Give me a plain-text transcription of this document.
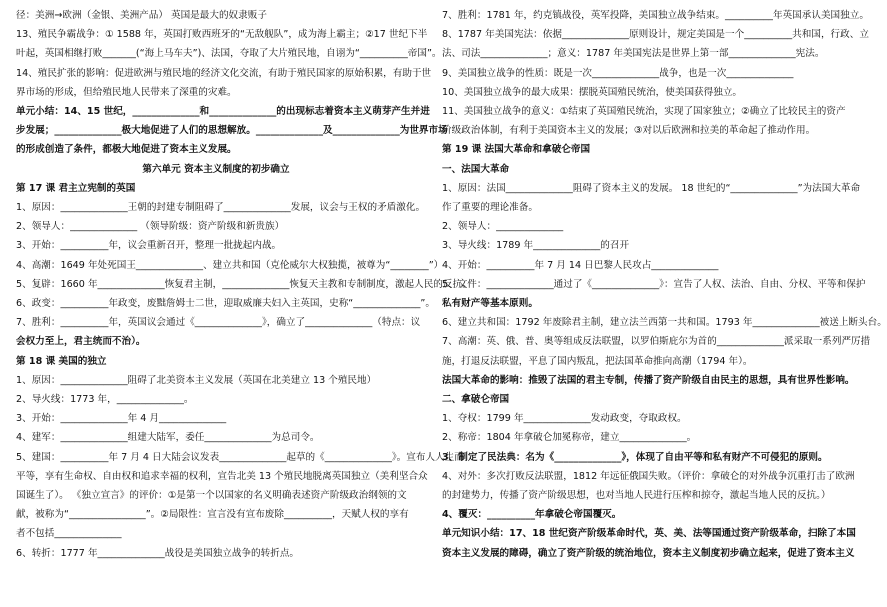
径：美洲→欧洲（金银、美洲产品） 英国是最大的奴隶贩子
13、殖民争霸战争：① 1588 年，英国打败西班牙的“无敌舰队”，成为海上霸主；②17 世纪下半
叶起，英国相继打败_______(“海上马车夫”)、法国，夺取了大片殖民地，自诩为“__________帝国”。
14、殖民扩张的影响：促进欧洲与殖民地的经济文化交流，有助于殖民国家的原始积累，有助于世
界市场的形成，但给殖民地人民带来了深重的灾难。
单元小结：14、15 世纪，______________和______________的出现标志着资本主义萌芽产生并进
步发展；______________极大地促进了人们的思想解放。______________及______________为世界市场
的形成创造了条件，都极大地促进了资本主义发展。
第六单元 资本主义制度的初步确立
第 17 课 君主立宪制的英国
1、原因：______________王朝的封建专制阻碍了______________发展，议会与王权的矛盾激化。
2、领导人：______________ （领导阶级：资产阶级和新贵族）
3、开始：__________年，议会重新召开，整理一批拢起内战。
4、高潮：1649 年处死国王______________、建立共和国（克伦威尔大权独揽，被尊为“________”）
5、复辟：1660 年______________恢复君主制，______________恢复天主教和专制制度，激起人民的反抗。
6、政变：__________年政变，废黜詹姆士二世，迎取威廉夫妇入主英国，史称“______________”。
7、胜利：__________年，英国议会通过《______________》，确立了______________（特点：议
会权力至上，君主统而不治）。
第 18 课 美国的独立
1、原因：______________阻碍了北美资本主义发展（英国在北美建立 13 个殖民地）
2、导火线：1773 年，______________。
3、开始：______________年 4 月______________
4、建军：______________组建大陆军，委任______________为总司令。
5、建国：__________年 7 月 4 日大陆会议发表______________起草的《______________》。宣布人人生而
平等，享有生命权、自由权和追求幸福的权利，宣告北美 13 个殖民地脱离英国独立（美利坚合众
国诞生了）。 《独立宣言》的评价：①是第一个以国家的名义明确表述资产阶级政治纲领的文
献，被称为“________________”。②局限性：宣言没有宣布废除__________，天赋人权的享有
者不包括______________
6、转折：1777 年______________战役是美国独立战争的转折点。
7、胜利：1781 年，约克镇战役，英军投降，美国独立战争结束。__________年英国承认美国独立。
8、1787 年美国宪法：依据______________原则设计，规定美国是一个__________共和国，行政、立
法、司法______________；意义：1787 年美国宪法是世界上第一部______________宪法。
9、美国独立战争的性质：既是一次______________战争，也是一次______________
10、美国独立战争的最大成果：摆脱英国殖民统治，使美国获得独立。
11、美国独立战争的意义：①结束了英国殖民统治，实现了国家独立；②确立了比较民主的资产
阶级政治体制，有利于美国资本主义的发展；③对以后欧洲和拉美的革命起了推动作用。
第 19 课 法国大革命和拿破仑帝国
一、法国大革命
1、原因：法国______________阻碍了资本主义的发展。 18 世纪的“______________”为法国大革命
作了重要的理论准备。
2、领导人：______________
3、导火线：1789 年______________的召开
4、开始：__________年 7 月 14 日巴黎人民攻占______________
5、文件：______________通过了《______________》：宣告了人权、法治、自由、分权、平等和保护
私有财产等基本原则。
6、建立共和国：1792 年废除君主制，建立法兰西第一共和国。1793 年______________被送上断头台。
7、高潮：英、俄、普、奥等组成反法联盟，以罗伯斯庇尔为首的______________派采取一系列严厉措
施，打退反法联盟，平息了国内叛乱，把法国革命推向高潮（1794 年）。
法国大革命的影响：推毁了法国的君主专制，传播了资产阶级自由民主的思想，具有世界性影响。
二、拿破仑帝国
1、夺权：1799 年______________发动政变，夺取政权。
2、称帝：1804 年拿破仑加冕称帝，建立______________。
3、制定了民法典：名为《______________》，体现了自由平等和私有财产不可侵犯的原则。
4、对外：多次打败反法联盟，1812 年远征俄国失败。（评价：拿破仑的对外战争沉重打击了欧洲
的封建势力，传播了资产阶级思想，也对当地人民进行压榨和掠夺，激起当地人民的反抗。）
4、覆灭：__________年拿破仑帝国覆灭。
单元知识小结：17、18 世纪资产阶级革命时代，英、美、法等国通过资产阶级革命，扫除了本国
资本主义发展的障碍，确立了资产阶级的统治地位，资本主义制度初步确立起来，促进了资本主义
